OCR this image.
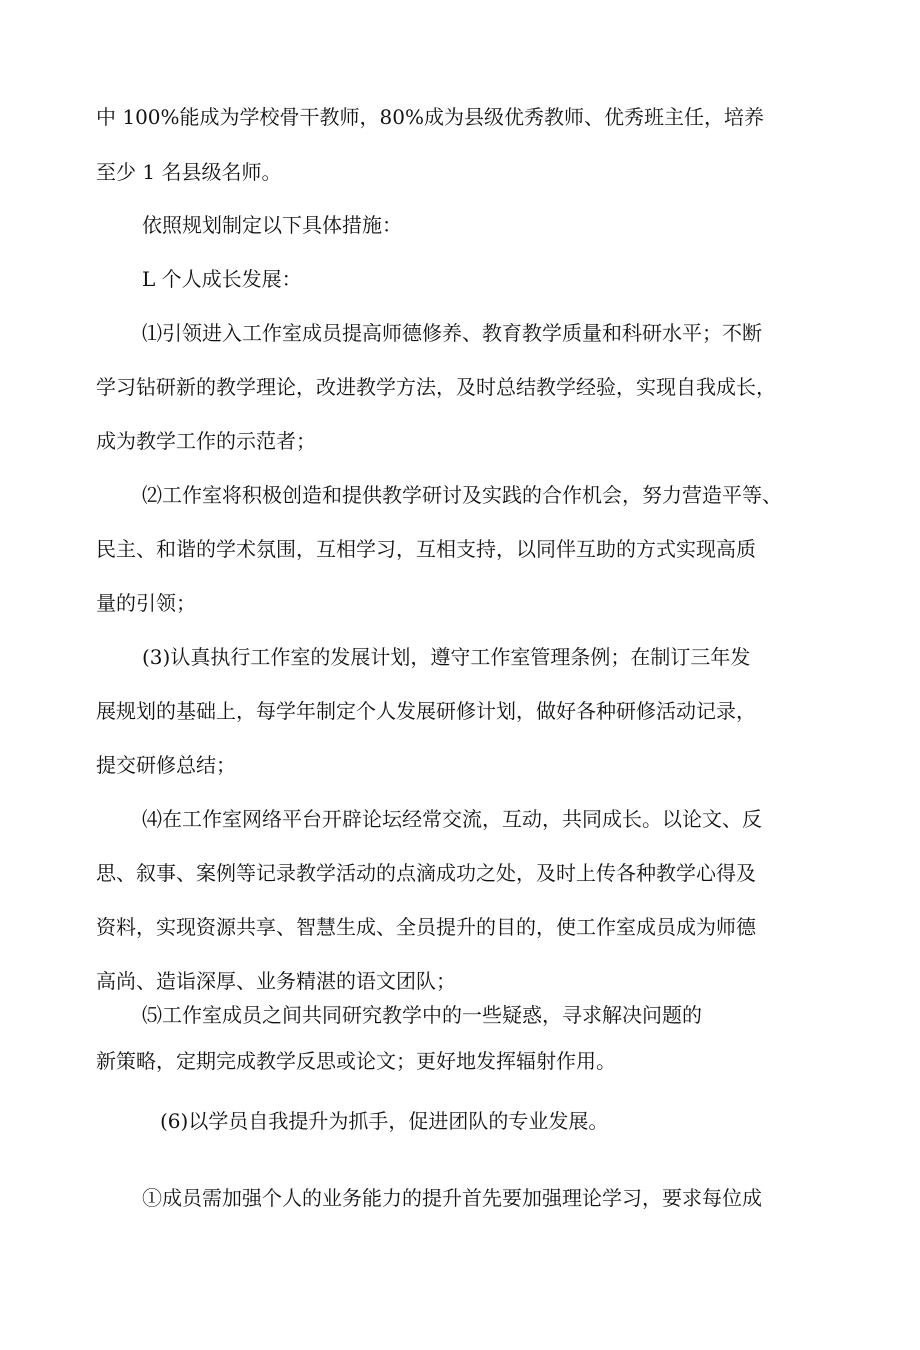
中 100%能成为学校骨干教师，80%成为县级优秀教师、优秀班主任，培养
至少 1 名县级名师。
依照规划制定以下具体措施：
L 个人成长发展：
⑴引领进入工作室成员提高师德修养、教育教学质量和科研水平；不断
学习钻研新的教学理论，改进教学方法，及时总结教学经验，实现自我成长，
成为教学工作的示范者；
⑵工作室将积极创造和提供教学研讨及实践的合作机会，努力营造平等、
民主、和谐的学术氛围，互相学习，互相支持，以同伴互助的方式实现高质
量的引领；
(3)认真执行工作室的发展计划，遵守工作室管理条例；在制订三年发
展规划的基础上，每学年制定个人发展研修计划，做好各种研修活动记录，
提交研修总结；
⑷在工作室网络平台开辟论坛经常交流，互动，共同成长。以论文、反
思、叙事、案例等记录教学活动的点滴成功之处，及时上传各种教学心得及
资料，实现资源共享、智慧生成、全员提升的目的，使工作室成员成为师德
高尚、造诣深厚、业务精湛的语文团队；
⑸工作室成员之间共同研究教学中的一些疑惑，寻求解决问题的
新策略，定期完成教学反思或论文；更好地发挥辐射作用。
(6)以学员自我提升为抓手，促进团队的专业发展。
①成员需加强个人的业务能力的提升首先要加强理论学习，要求每位成
